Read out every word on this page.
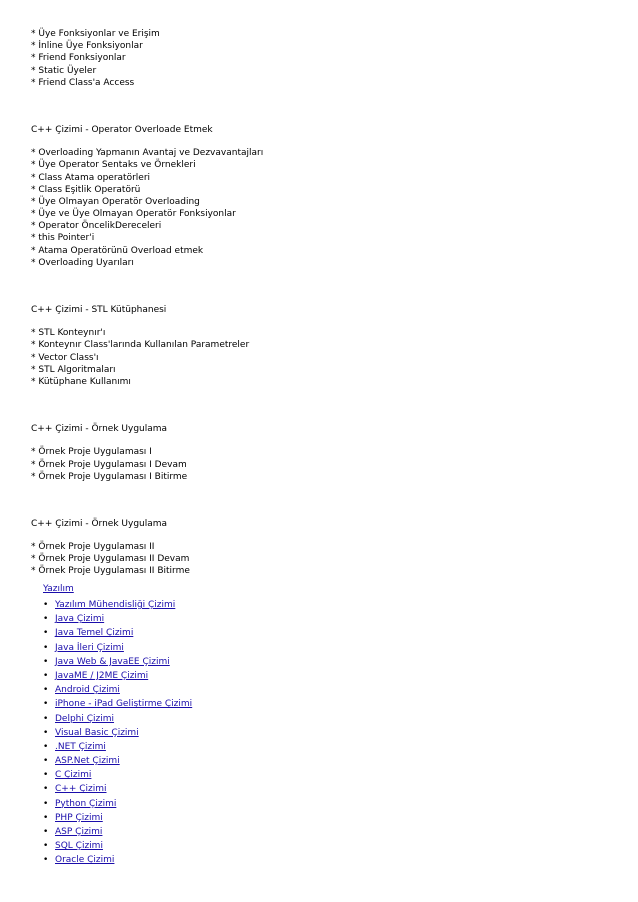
* Üye Fonksiyonlar ve Erişim
* İnline Üye Fonksiyonlar
* Friend Fonksiyonlar
* Static Üyeler
* Friend Class'a Access
C++ Çizimi - Operator Overloade Etmek
* Overloading Yapmanın Avantaj ve Dezvavantajları
* Üye Operator Sentaks ve Örnekleri
* Class Atama operatörleri
* Class Eşitlik Operatörü
* Üye Olmayan Operatör Overloading
* Üye ve Üye Olmayan Operatör Fonksiyonlar
* Operator ÖncelikDereceleri
* this Pointer'i
* Atama Operatörünü Overload etmek
* Overloading Uyarıları
C++ Çizimi - STL Kütüphanesi
* STL Konteynır'ı
* Konteynır Class'larında Kullanılan Parametreler
* Vector Class'ı
* STL Algoritmaları
* Kütüphane Kullanımı
C++ Çizimi - Örnek Uygulama
* Örnek Proje Uygulaması I
* Örnek Proje Uygulaması I Devam
* Örnek Proje Uygulaması I Bitirme
C++ Çizimi - Örnek Uygulama
* Örnek Proje Uygulaması II
* Örnek Proje Uygulaması II Devam
* Örnek Proje Uygulaması II Bitirme
Yazılım
• Yazılım Mühendisliği Çizimi
• Java Çizimi
• Java Temel Çizimi
• Java İleri Çizimi
• Java Web & JavaEE Çizimi
• JavaME / J2ME Çizimi
• Android Çizimi
• iPhone - iPad Geliştirme Çizimi
• Delphi Çizimi
• Visual Basic Çizimi
• .NET Çizimi
• ASP.Net Çizimi
• C Çizimi
• C++ Çizimi
• Python Çizimi
• PHP Çizimi
• ASP Çizimi
• SQL Çizimi
• Oracle Çizimi
